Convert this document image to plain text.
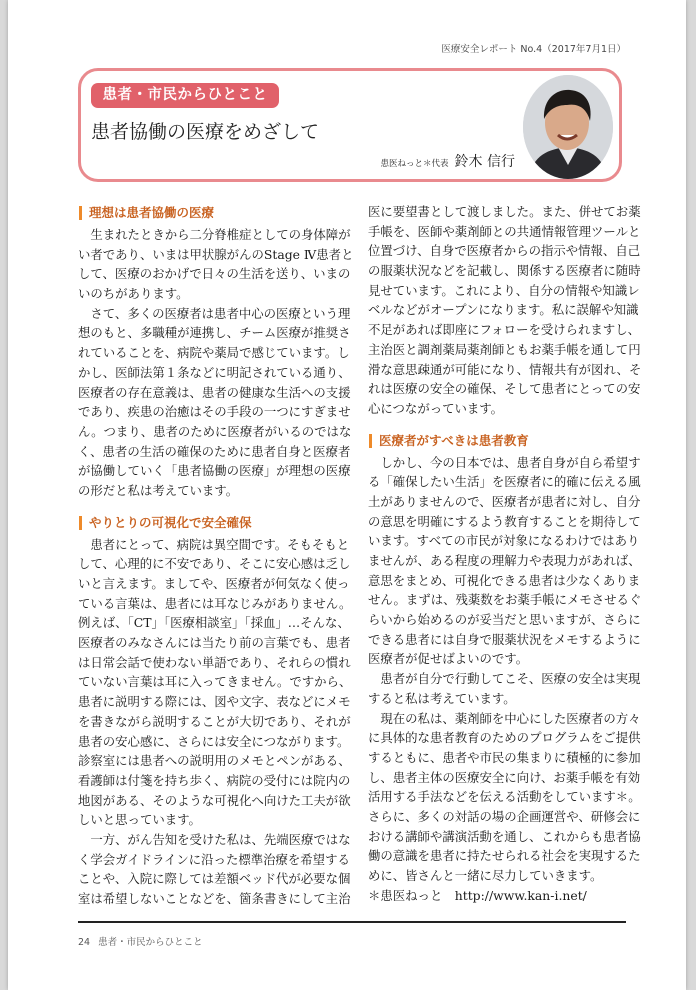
医療安全レポート No.4（2017年7月1日）
患者・市民からひとこと
患者協働の医療をめざして
患医ねっと＊代表 鈴木 信行
理想は患者協働の医療
　生まれたときから二分脊椎症としての身体障が
い者であり、いまは甲状腺がんのStage Ⅳ患者と
して、医療のおかげで日々の生活を送り、いまの
いのちがあります。
　さて、多くの医療者は患者中心の医療という理
想のもと、多職種が連携し、チーム医療が推奨さ
れていることを、病院や薬局で感じています。し
かし、医師法第１条などに明記されている通り、
医療者の存在意義は、患者の健康な生活への支援
であり、疾患の治癒はその手段の一つにすぎませ
ん。つまり、患者のために医療者がいるのではな
く、患者の生活の確保のために患者自身と医療者
が協働していく「患者協働の医療」が理想の医療
の形だと私は考えています。
やりとりの可視化で安全確保
　患者にとって、病院は異空間です。そもそもと
して、心理的に不安であり、そこに安心感は乏し
いと言えます。ましてや、医療者が何気なく使っ
ている言葉は、患者には耳なじみがありません。
例えば、「CT」「医療相談室」「採血」…そんな、
医療者のみなさんには当たり前の言葉でも、患者
は日常会話で使わない単語であり、それらの慣れ
ていない言葉は耳に入ってきません。ですから、
患者に説明する際には、図や文字、表などにメモ
を書きながら説明することが大切であり、それが
患者の安心感に、さらには安全につながります。
診察室には患者への説明用のメモとペンがある、
看護師は付箋を持ち歩く、病院の受付には院内の
地図がある、そのような可視化へ向けた工夫が欲
しいと思っています。
　一方、がん告知を受けた私は、先端医療ではな
く学会ガイドラインに沿った標準治療を希望する
ことや、入院に際しては差額ベッド代が必要な個
室は希望しないことなどを、箇条書きにして主治
医に要望書として渡しました。また、併せてお薬
手帳を、医師や薬剤師との共通情報管理ツールと
位置づけ、自身で医療者からの指示や情報、自己
の服薬状況などを記載し、関係する医療者に随時
見せています。これにより、自分の情報や知識レ
ベルなどがオープンになります。私に誤解や知識
不足があれば即座にフォローを受けられますし、
主治医と調剤薬局薬剤師ともお薬手帳を通して円
滑な意思疎通が可能になり、情報共有が図れ、そ
れは医療の安全の確保、そして患者にとっての安
心につながっています。
医療者がすべきは患者教育
　しかし、今の日本では、患者自身が自ら希望す
る「確保したい生活」を医療者に的確に伝える風
土がありませんので、医療者が患者に対し、自分
の意思を明確にするよう教育することを期待して
います。すべての市民が対象になるわけではあり
ませんが、ある程度の理解力や表現力があれば、
意思をまとめ、可視化できる患者は少なくありま
せん。まずは、残薬数をお薬手帳にメモさせるぐ
らいから始めるのが妥当だと思いますが、さらに
できる患者には自身で服薬状況をメモするように
医療者が促せばよいのです。
　患者が自分で行動してこそ、医療の安全は実現
すると私は考えています。
　現在の私は、薬剤師を中心にした医療者の方々
に具体的な患者教育のためのプログラムをご提供
するともに、患者や市民の集まりに積極的に参加
し、患者主体の医療安全に向け、お薬手帳を有効
活用する手法などを伝える活動をしています＊。
さらに、多くの対話の場の企画運営や、研修会に
おける講師や講演活動を通し、これからも患者協
働の意識を患者に持たせられる社会を実現するた
めに、皆さんと一緒に尽力していきます。
＊患医ねっと　http://www.kan-i.net/
24 患者・市民からひとこと
